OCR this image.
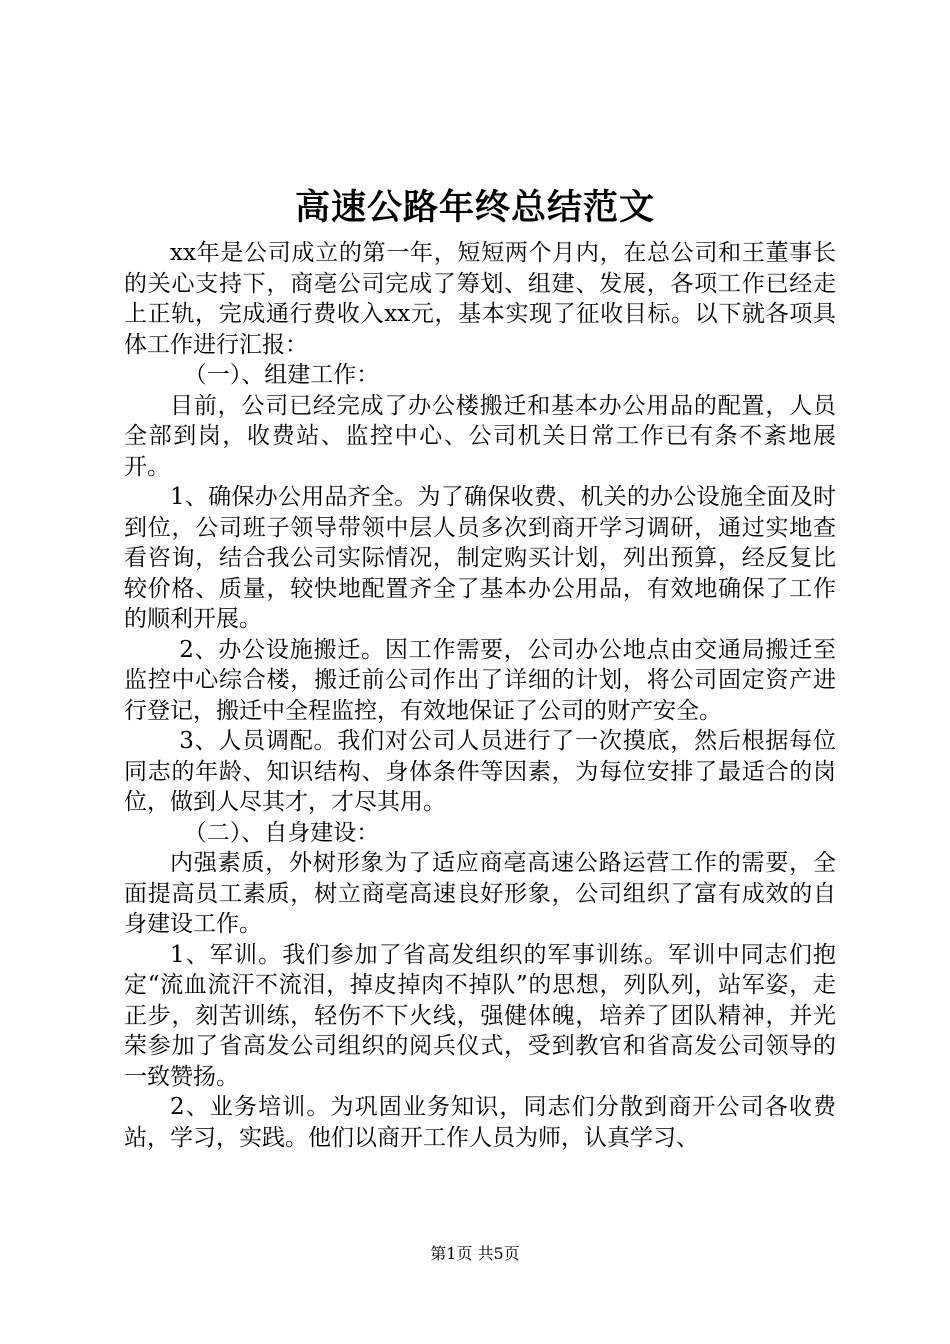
高速公路年终总结范文

xx年是公司成立的第一年，短短两个月内，在总公司和王董事长的关心支持下，商亳公司完成了筹划、组建、发展，各项工作已经走上正轨，完成通行费收入xx元，基本实现了征收目标。以下就各项具体工作进行汇报：

（一）、组建工作：

目前，公司已经完成了办公楼搬迁和基本办公用品的配置，人员全部到岗，收费站、监控中心、公司机关日常工作已有条不紊地展开。

1、确保办公用品齐全。为了确保收费、机关的办公设施全面及时到位，公司班子领导带领中层人员多次到商开学习调研，通过实地查看咨询，结合我公司实际情况，制定购买计划，列出预算，经反复比较价格、质量，较快地配置齐全了基本办公用品，有效地确保了工作的顺利开展。

2、办公设施搬迁。因工作需要，公司办公地点由交通局搬迁至监控中心综合楼，搬迁前公司作出了详细的计划，将公司固定资产进行登记，搬迁中全程监控，有效地保证了公司的财产安全。

3、人员调配。我们对公司人员进行了一次摸底，然后根据每位同志的年龄、知识结构、身体条件等因素，为每位安排了最适合的岗位，做到人尽其才，才尽其用。

（二）、自身建设：

内强素质，外树形象为了适应商亳高速公路运营工作的需要，全面提高员工素质，树立商亳高速良好形象，公司组织了富有成效的自身建设工作。

1、军训。我们参加了省高发组织的军事训练。军训中同志们抱定“流血流汗不流泪，掉皮掉肉不掉队”的思想，列队列，站军姿，走正步，刻苦训练，轻伤不下火线，强健体魄，培养了团队精神，并光荣参加了省高发公司组织的阅兵仪式，受到教官和省高发公司领导的一致赞扬。

2、业务培训。为巩固业务知识，同志们分散到商开公司各收费站，学习，实践。他们以商开工作人员为师，认真学习、

第1页 共5页
